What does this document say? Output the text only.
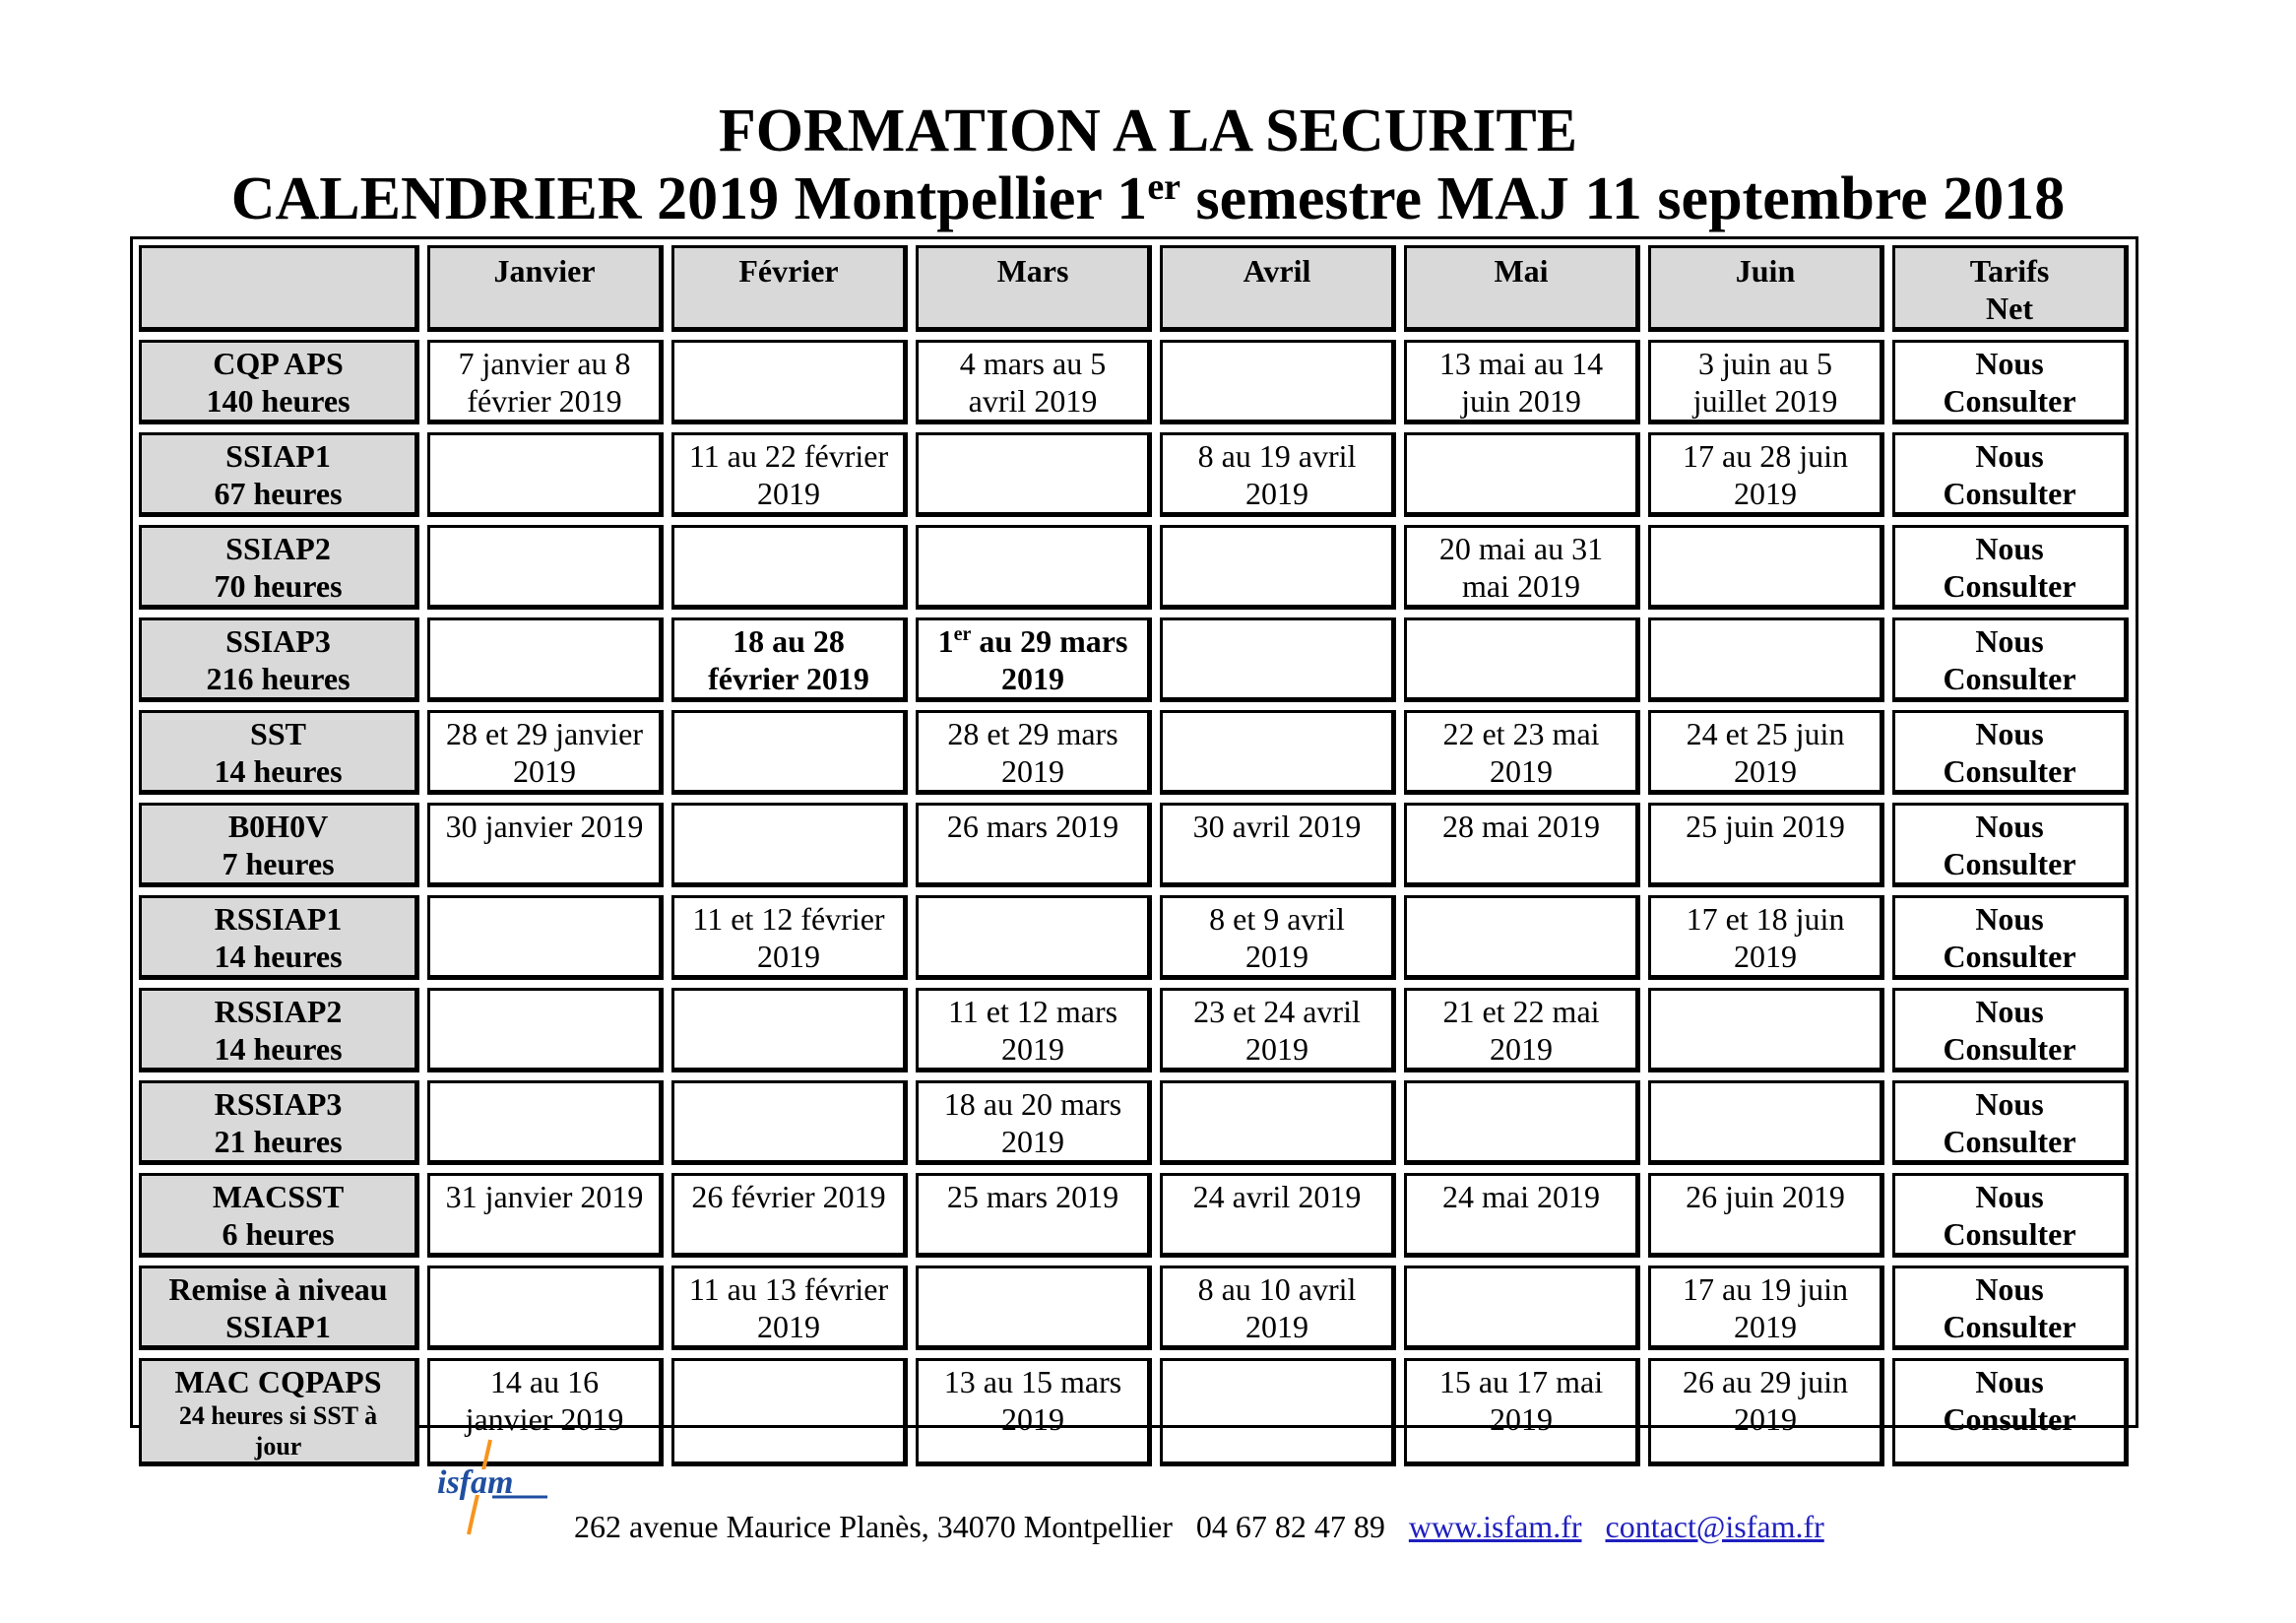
FORMATION A LA SECURITE
CALENDRIER 2019 Montpellier 1er semestre MAJ 11 septembre 2018

	Janvier	Février	Mars	Avril	Mai	Juin	Tarifs
Net

CQP APS
140 heures	7 janvier au 8
février 2019		4 mars au 5
avril 2019		13 mai au 14
juin 2019	3 juin au 5
juillet 2019	Nous
Consulter

SSIAP1
67 heures		11 au 22 février
2019		8 au 19 avril
2019		17 au 28 juin
2019	Nous
Consulter

SSIAP2
70 heures					20 mai au 31
mai 2019		Nous
Consulter

SSIAP3
216 heures		18 au 28
février 2019	1er au 29 mars
2019				Nous
Consulter

SST
14 heures	28 et 29 janvier
2019		28 et 29 mars
2019		22 et 23 mai
2019	24 et 25 juin
2019	Nous
Consulter

B0H0V
7 heures	30 janvier 2019		26 mars 2019	30 avril 2019	28 mai 2019	25 juin 2019	Nous
Consulter

RSSIAP1
14 heures		11 et 12 février
2019		8 et 9 avril
2019		17 et 18 juin
2019	Nous
Consulter

RSSIAP2
14 heures			11 et 12 mars
2019	23 et 24 avril
2019	21 et 22 mai
2019		Nous
Consulter

RSSIAP3
21 heures			18 au 20 mars
2019				Nous
Consulter

MACSST
6 heures	31 janvier 2019	26 février 2019	25 mars 2019	24 avril 2019	24 mai 2019	26 juin 2019	Nous
Consulter

Remise à niveau
SSIAP1		11 au 13 février
2019		8 au 10 avril
2019		17 au 19 juin
2019	Nous
Consulter

MAC CQPAPS
24 heures si SST à
jour	14 au 16
janvier 2019		13 au 15 mars
2019		15 au 17 mai
2019	26 au 29 juin
2019	Nous
Consulter
isfam
262 avenue Maurice Planès, 34070 Montpellier 04 67 82 47 89 www.isfam.fr contact@isfam.fr
